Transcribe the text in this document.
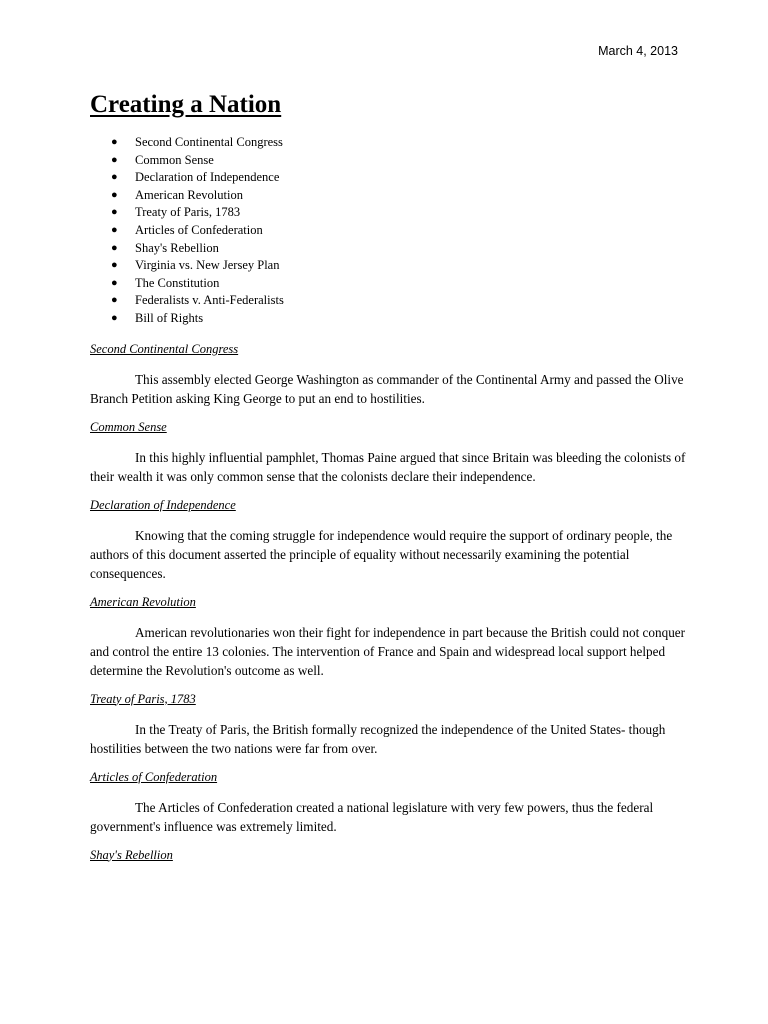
March 4, 2013
Creating a Nation
● Second Continental Congress
● Common Sense
● Declaration of Independence
● American Revolution
● Treaty of Paris, 1783
● Articles of Confederation
● Shay's Rebellion
● Virginia vs. New Jersey Plan
● The Constitution
● Federalists v. Anti-Federalists
● Bill of Rights

Second Continental Congress

This assembly elected George Washington as commander of the Continental Army and passed the Olive Branch Petition asking King George to put an end to hostilities.

Common Sense

In this highly influential pamphlet, Thomas Paine argued that since Britain was bleeding the colonists of their wealth it was only common sense that the colonists declare their independence.

Declaration of Independence

Knowing that the coming struggle for independence would require the support of ordinary people, the authors of this document asserted the principle of equality without necessarily examining the potential consequences.

American Revolution

American revolutionaries won their fight for independence in part because the British could not conquer and control the entire 13 colonies. The intervention of France and Spain and widespread local support helped determine the Revolution's outcome as well.

Treaty of Paris, 1783

In the Treaty of Paris, the British formally recognized the independence of the United States- though hostilities between the two nations were far from over.

Articles of Confederation

The Articles of Confederation created a national legislature with very few powers, thus the federal government's influence was extremely limited.

Shay's Rebellion
